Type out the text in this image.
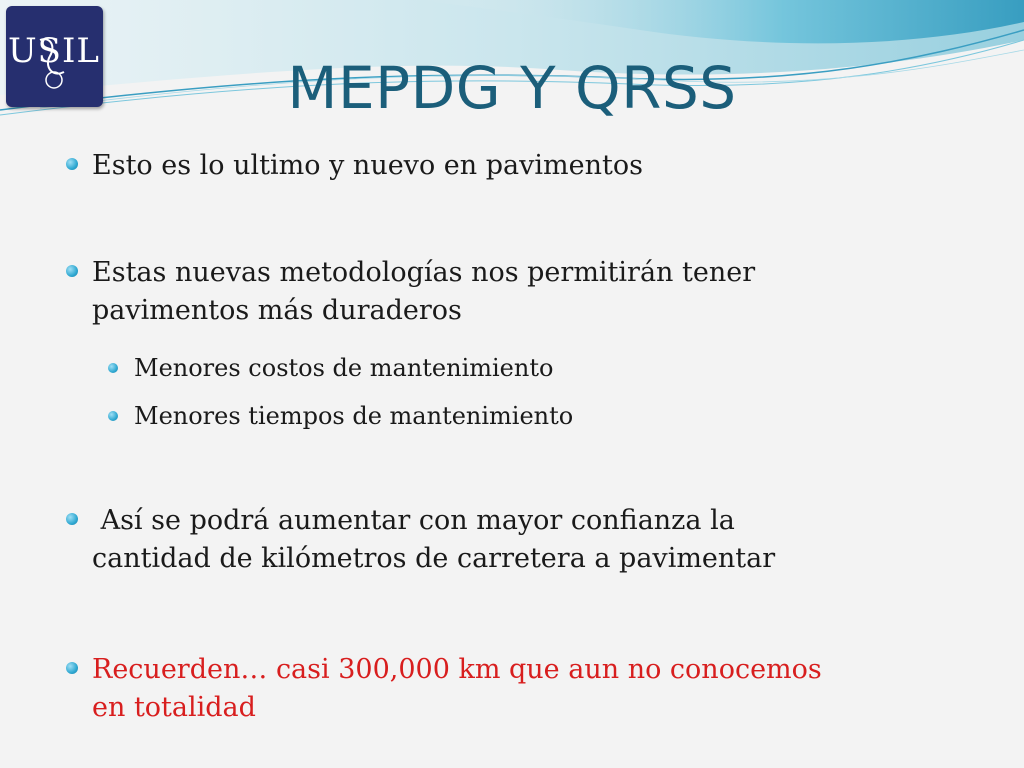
USIL
MEPDG Y QRSS
Esto es lo ultimo y nuevo en pavimentos
Estas nuevas metodologías nos permitirán tener
pavimentos más duraderos
Menores costos de mantenimiento
Menores tiempos de mantenimiento
Así se podrá aumentar con mayor confianza la
cantidad de kilómetros de carretera a pavimentar
Recuerden… casi 300,000 km que aun no conocemos
en totalidad
